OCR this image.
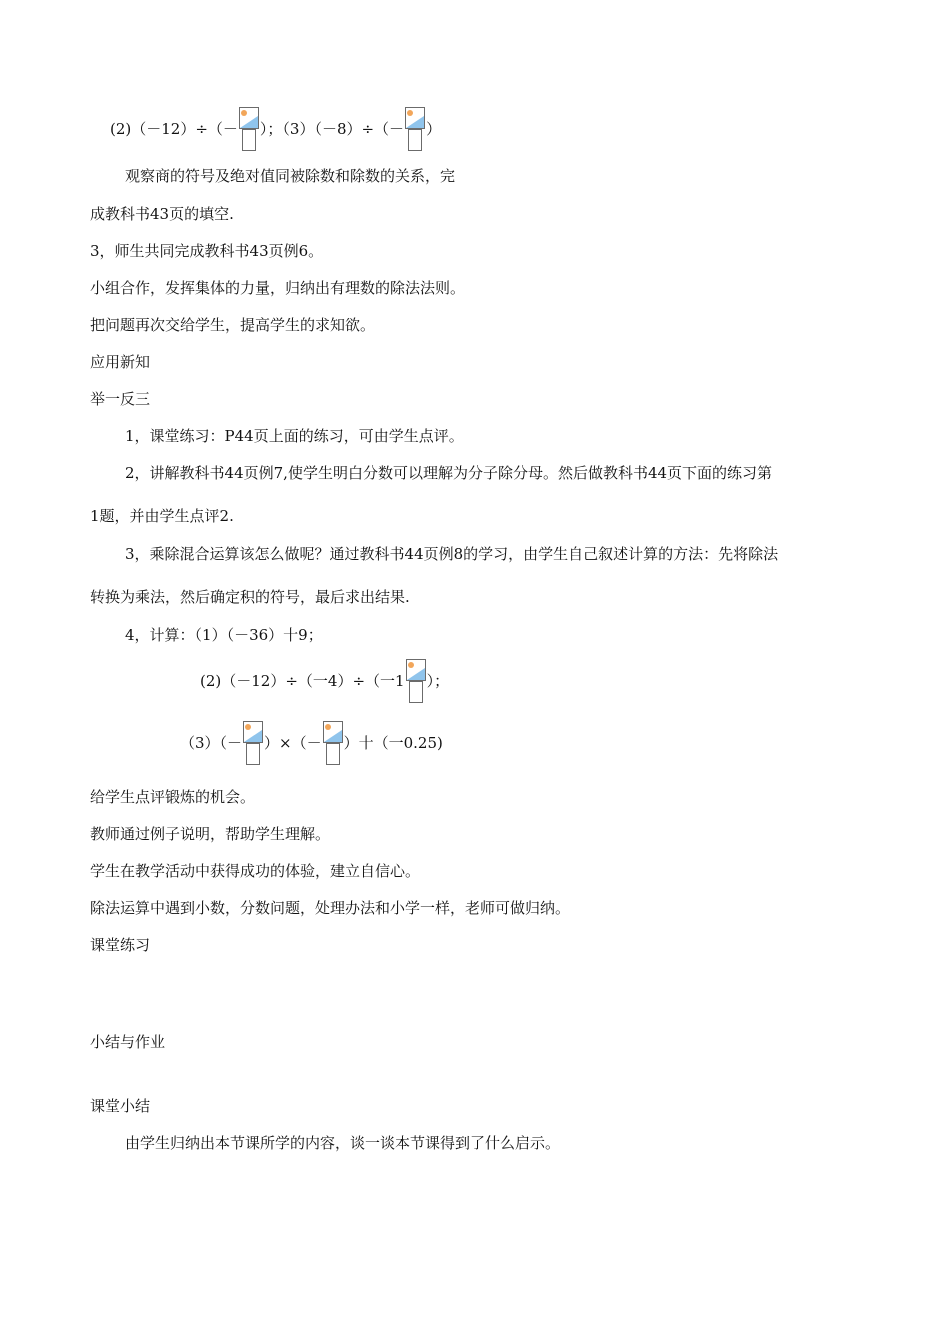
(2)（－12）÷（－ ）；（3）（－8）÷（－ ）
观察商的符号及绝对值同被除数和除数的关系，完
成教科书43页的填空.
3，师生共同完成教科书43页例6。
小组合作，发挥集体的力量，归纳出有理数的除法法则。
把问题再次交给学生，提高学生的求知欲。
应用新知
举一反三
1，课堂练习：P44页上面的练习，可由学生点评。
2，讲解教科书44页例7,使学生明白分数可以理解为分子除分母。然后做教科书44页下面的练习第
1题，并由学生点评2.
3，乘除混合运算该怎么做呢？通过教科书44页例8的学习，由学生自己叙述计算的方法：先将除法
转换为乘法，然后确定积的符号，最后求出结果.
4，计算：（1）（－36）十9；
(2)（－12）÷（一4）÷（一1 ）；
（3）（－ ）×（－ ）十（一0.25)
给学生点评锻炼的机会。
教师通过例子说明，帮助学生理解。
学生在教学活动中获得成功的体验，建立自信心。
除法运算中遇到小数，分数问题，处理办法和小学一样，老师可做归纳。
课堂练习
小结与作业
课堂小结
由学生归纳出本节课所学的内容，谈一谈本节课得到了什么启示。
